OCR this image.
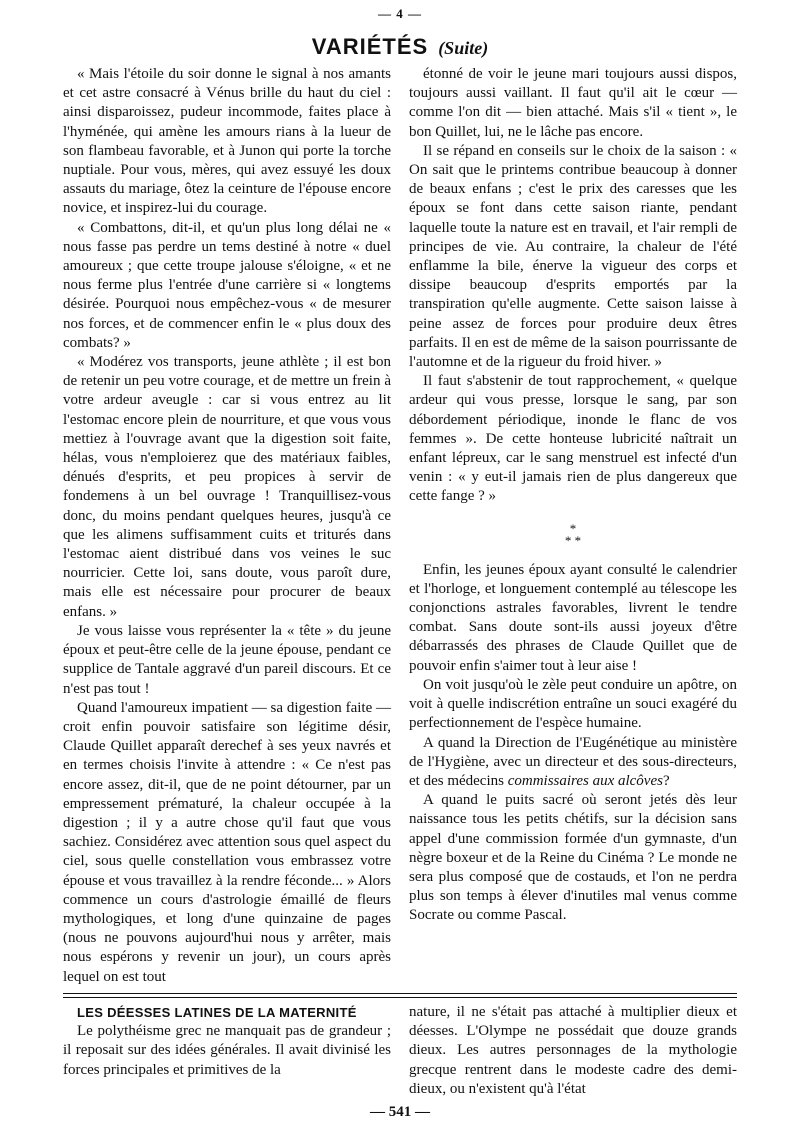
— 4 —
VARIÉTÉS (Suite)

« Mais l'étoile du soir donne le signal à nos amants et cet astre consacré à Vénus brille du haut du ciel : ainsi disparoissez, pudeur incommode, faites place à l'hyménée, qui amène les amours rians à la lueur de son flambeau favorable, et à Junon qui porte la torche nuptiale. Pour vous, mères, qui avez essuyé les doux assauts du mariage, ôtez la ceinture de l'épouse encore novice, et inspirez-lui du courage.

« Combattons, dit-il, et qu'un plus long délai ne « nous fasse pas perdre un tems destiné à notre « duel amoureux ; que cette troupe jalouse s'éloigne, « et ne nous ferme plus l'entrée d'une carrière si « longtems désirée. Pourquoi nous empêchez-vous « de mesurer nos forces, et de commencer enfin le « plus doux des combats? »

« Modérez vos transports, jeune athlète ; il est bon de retenir un peu votre courage, et de mettre un frein à votre ardeur aveugle : car si vous entrez au lit l'estomac encore plein de nourriture, et que vous vous mettiez à l'ouvrage avant que la digestion soit faite, hélas, vous n'emploierez que des matériaux faibles, dénués d'esprits, et peu propices à servir de fondemens à un bel ouvrage ! Tranquillisez-vous donc, du moins pendant quelques heures, jusqu'à ce que les alimens suffisamment cuits et triturés dans l'estomac aient distribué dans vos veines le suc nourricier. Cette loi, sans doute, vous paroît dure, mais elle est nécessaire pour procurer de beaux enfans. »

Je vous laisse vous représenter la « tête » du jeune époux et peut-être celle de la jeune épouse, pendant ce supplice de Tantale aggravé d'un pareil discours. Et ce n'est pas tout !

Quand l'amoureux impatient — sa digestion faite — croit enfin pouvoir satisfaire son légitime désir, Claude Quillet apparaît derechef à ses yeux navrés et en termes choisis l'invite à attendre : « Ce n'est pas encore assez, dit-il, que de ne point détourner, par un empressement prématuré, la chaleur occupée à la digestion ; il y a autre chose qu'il faut que vous sachiez. Considérez avec attention sous quel aspect du ciel, sous quelle constellation vous embrassez votre épouse et vous travaillez à la rendre féconde... » Alors commence un cours d'astrologie émaillé de fleurs mythologiques, et long d'une quinzaine de pages (nous ne pouvons aujourd'hui nous y arrêter, mais nous espérons y revenir un jour), un cours après lequel on est tout

étonné de voir le jeune mari toujours aussi dispos, toujours aussi vaillant. Il faut qu'il ait le cœur — comme l'on dit — bien attaché. Mais s'il « tient », le bon Quillet, lui, ne le lâche pas encore.

Il se répand en conseils sur le choix de la saison : « On sait que le printems contribue beaucoup à donner de beaux enfans ; c'est le prix des caresses que les époux se font dans cette saison riante, pendant laquelle toute la nature est en travail, et l'air rempli de principes de vie. Au contraire, la chaleur de l'été enflamme la bile, énerve la vigueur des corps et dissipe beaucoup d'esprits emportés par la transpiration qu'elle augmente. Cette saison laisse à peine assez de forces pour produire deux êtres parfaits. Il en est de même de la saison pourrissante de l'automne et de la rigueur du froid hiver. »

Il faut s'abstenir de tout rapprochement, « quelque ardeur qui vous presse, lorsque le sang, par son débordement périodique, inonde le flanc de vos femmes ». De cette honteuse lubricité naîtrait un enfant lépreux, car le sang menstruel est infecté d'un venin : « y eut-il jamais rien de plus dangereux que cette fange ? »

*
* *

Enfin, les jeunes époux ayant consulté le calendrier et l'horloge, et longuement contemplé au télescope les conjonctions astrales favorables, livrent le tendre combat. Sans doute sont-ils aussi joyeux d'être débarrassés des phrases de Claude Quillet que de pouvoir enfin s'aimer tout à leur aise !

On voit jusqu'où le zèle peut conduire un apôtre, on voit à quelle indiscrétion entraîne un souci exagéré du perfectionnement de l'espèce humaine.

A quand la Direction de l'Eugénétique au ministère de l'Hygiène, avec un directeur et des sous-directeurs, et des médecins commissaires aux alcôves?

A quand le puits sacré où seront jetés dès leur naissance tous les petits chétifs, sur la décision sans appel d'une commission formée d'un gymnaste, d'un nègre boxeur et de la Reine du Cinéma ? Le monde ne sera plus composé que de costauds, et l'on ne perdra plus son temps à élever d'inutiles mal venus comme Socrate ou comme Pascal.

LES DÉESSES LATINES DE LA MATERNITÉ

Le polythéisme grec ne manquait pas de grandeur ; il reposait sur des idées générales. Il avait divinisé les forces principales et primitives de la

nature, il ne s'était pas attaché à multiplier dieux et déesses. L'Olympe ne possédait que douze grands dieux. Les autres personnages de la mythologie grecque rentrent dans le modeste cadre des demi-dieux, ou n'existent qu'à l'état

— 541 —
